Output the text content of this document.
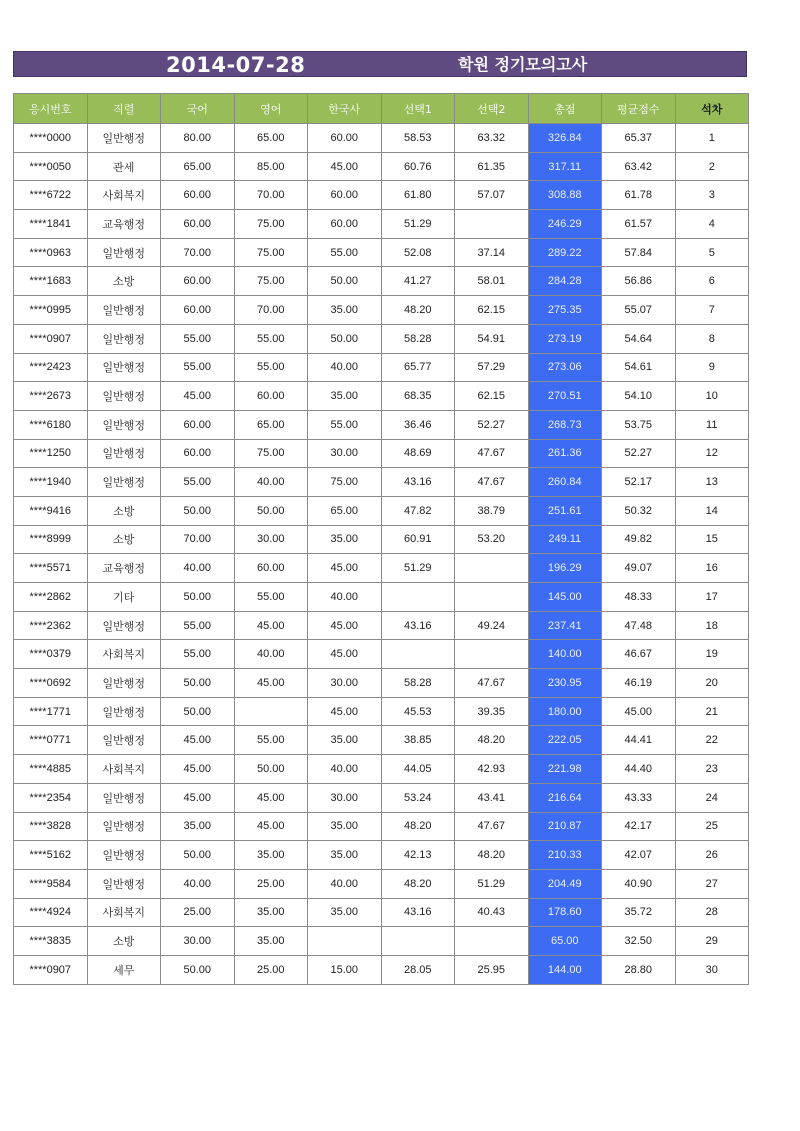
2014-07-28	학원 정기모의고사
응시번호	직렬	국어	영어	한국사	선택1	선택2	총점	평균점수	석차
****0000	일반행정	80.00	65.00	60.00	58.53	63.32	326.84	65.37	1
****0050	관세	65.00	85.00	45.00	60.76	61.35	317.11	63.42	2
****6722	사회복지	60.00	70.00	60.00	61.80	57.07	308.88	61.78	3
****1841	교육행정	60.00	75.00	60.00	51.29		246.29	61.57	4
****0963	일반행정	70.00	75.00	55.00	52.08	37.14	289.22	57.84	5
****1683	소방	60.00	75.00	50.00	41.27	58.01	284.28	56.86	6
****0995	일반행정	60.00	70.00	35.00	48.20	62.15	275.35	55.07	7
****0907	일반행정	55.00	55.00	50.00	58.28	54.91	273.19	54.64	8
****2423	일반행정	55.00	55.00	40.00	65.77	57.29	273.06	54.61	9
****2673	일반행정	45.00	60.00	35.00	68.35	62.15	270.51	54.10	10
****6180	일반행정	60.00	65.00	55.00	36.46	52.27	268.73	53.75	11
****1250	일반행정	60.00	75.00	30.00	48.69	47.67	261.36	52.27	12
****1940	일반행정	55.00	40.00	75.00	43.16	47.67	260.84	52.17	13
****9416	소방	50.00	50.00	65.00	47.82	38.79	251.61	50.32	14
****8999	소방	70.00	30.00	35.00	60.91	53.20	249.11	49.82	15
****5571	교육행정	40.00	60.00	45.00	51.29		196.29	49.07	16
****2862	기타	50.00	55.00	40.00			145.00	48.33	17
****2362	일반행정	55.00	45.00	45.00	43.16	49.24	237.41	47.48	18
****0379	사회복지	55.00	40.00	45.00			140.00	46.67	19
****0692	일반행정	50.00	45.00	30.00	58.28	47.67	230.95	46.19	20
****1771	일반행정	50.00		45.00	45.53	39.35	180.00	45.00	21
****0771	일반행정	45.00	55.00	35.00	38.85	48.20	222.05	44.41	22
****4885	사회복지	45.00	50.00	40.00	44.05	42.93	221.98	44.40	23
****2354	일반행정	45.00	45.00	30.00	53.24	43.41	216.64	43.33	24
****3828	일반행정	35.00	45.00	35.00	48.20	47.67	210.87	42.17	25
****5162	일반행정	50.00	35.00	35.00	42.13	48.20	210.33	42.07	26
****9584	일반행정	40.00	25.00	40.00	48.20	51.29	204.49	40.90	27
****4924	사회복지	25.00	35.00	35.00	43.16	40.43	178.60	35.72	28
****3835	소방	30.00	35.00				65.00	32.50	29
****0907	세무	50.00	25.00	15.00	28.05	25.95	144.00	28.80	30
